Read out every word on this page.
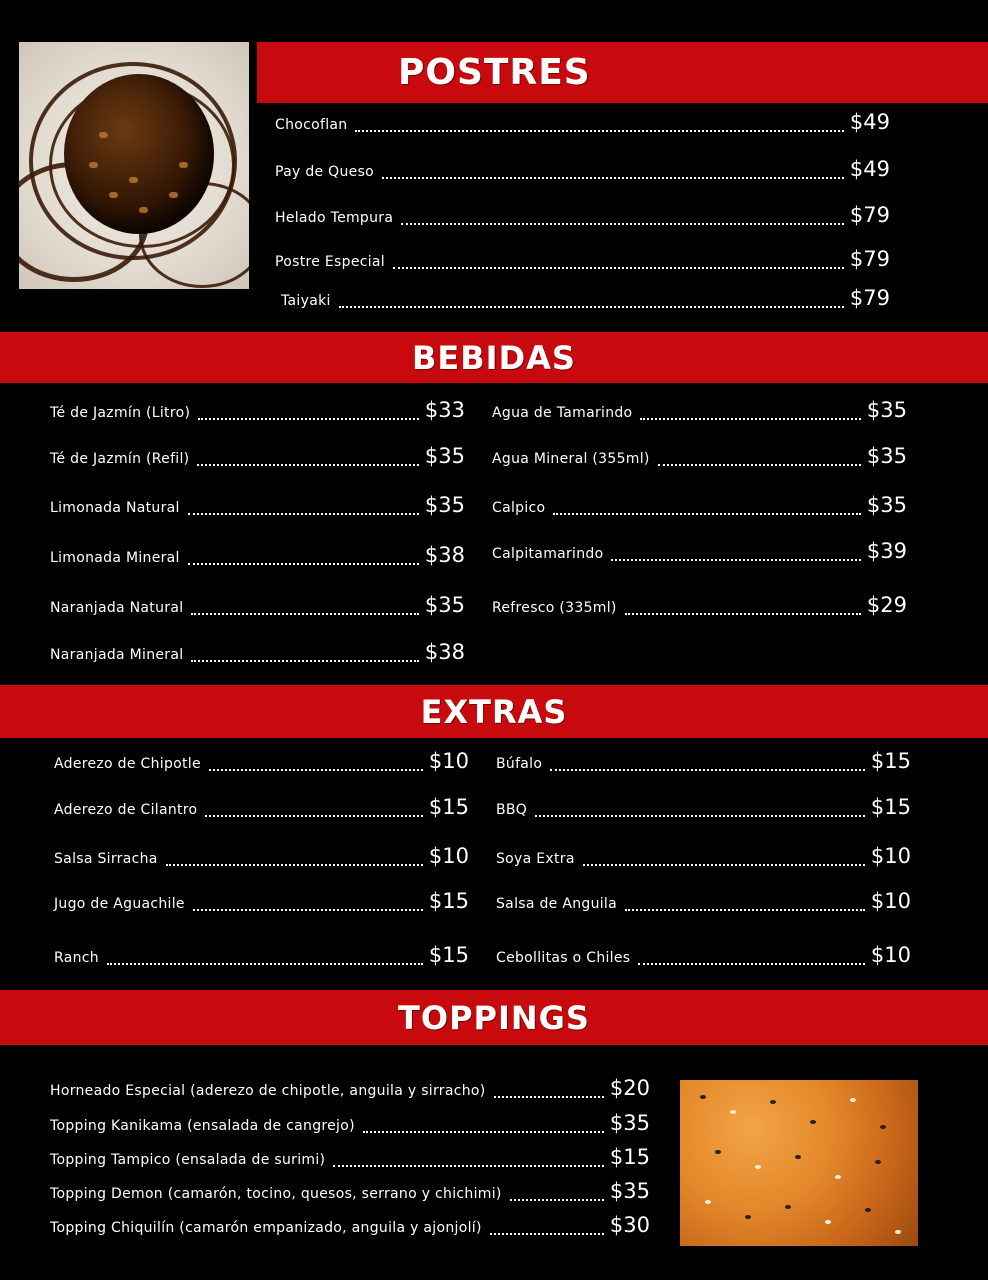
POSTRES
Chocoflan	$49
Pay de Queso	$49
Helado Tempura	$79
Postre Especial	$79
Taiyaki	$79
BEBIDAS
Té de Jazmín (Litro)	$33
Té de Jazmín (Refil)	$35
Limonada Natural	$35
Limonada Mineral	$38
Naranjada Natural	$35
Naranjada Mineral	$38
Agua de Tamarindo	$35
Agua Mineral (355ml)	$35
Calpico	$35
Calpitamarindo	$39
Refresco (335ml)	$29
EXTRAS
Aderezo de Chipotle	$10
Aderezo de Cilantro	$15
Salsa Sirracha	$10
Jugo de Aguachile	$15
Ranch	$15
Búfalo	$15
BBQ	$15
Soya Extra	$10
Salsa de Anguila	$10
Cebollitas o Chiles	$10
TOPPINGS
Horneado Especial (aderezo de chipotle, anguila y sirracho)	$20
Topping Kanikama (ensalada de cangrejo)	$35
Topping Tampico (ensalada de surimi)	$15
Topping Demon (camarón, tocino, quesos, serrano y chichimi)	$35
Topping Chiquilín (camarón empanizado, anguila y ajonjolí)	$30
